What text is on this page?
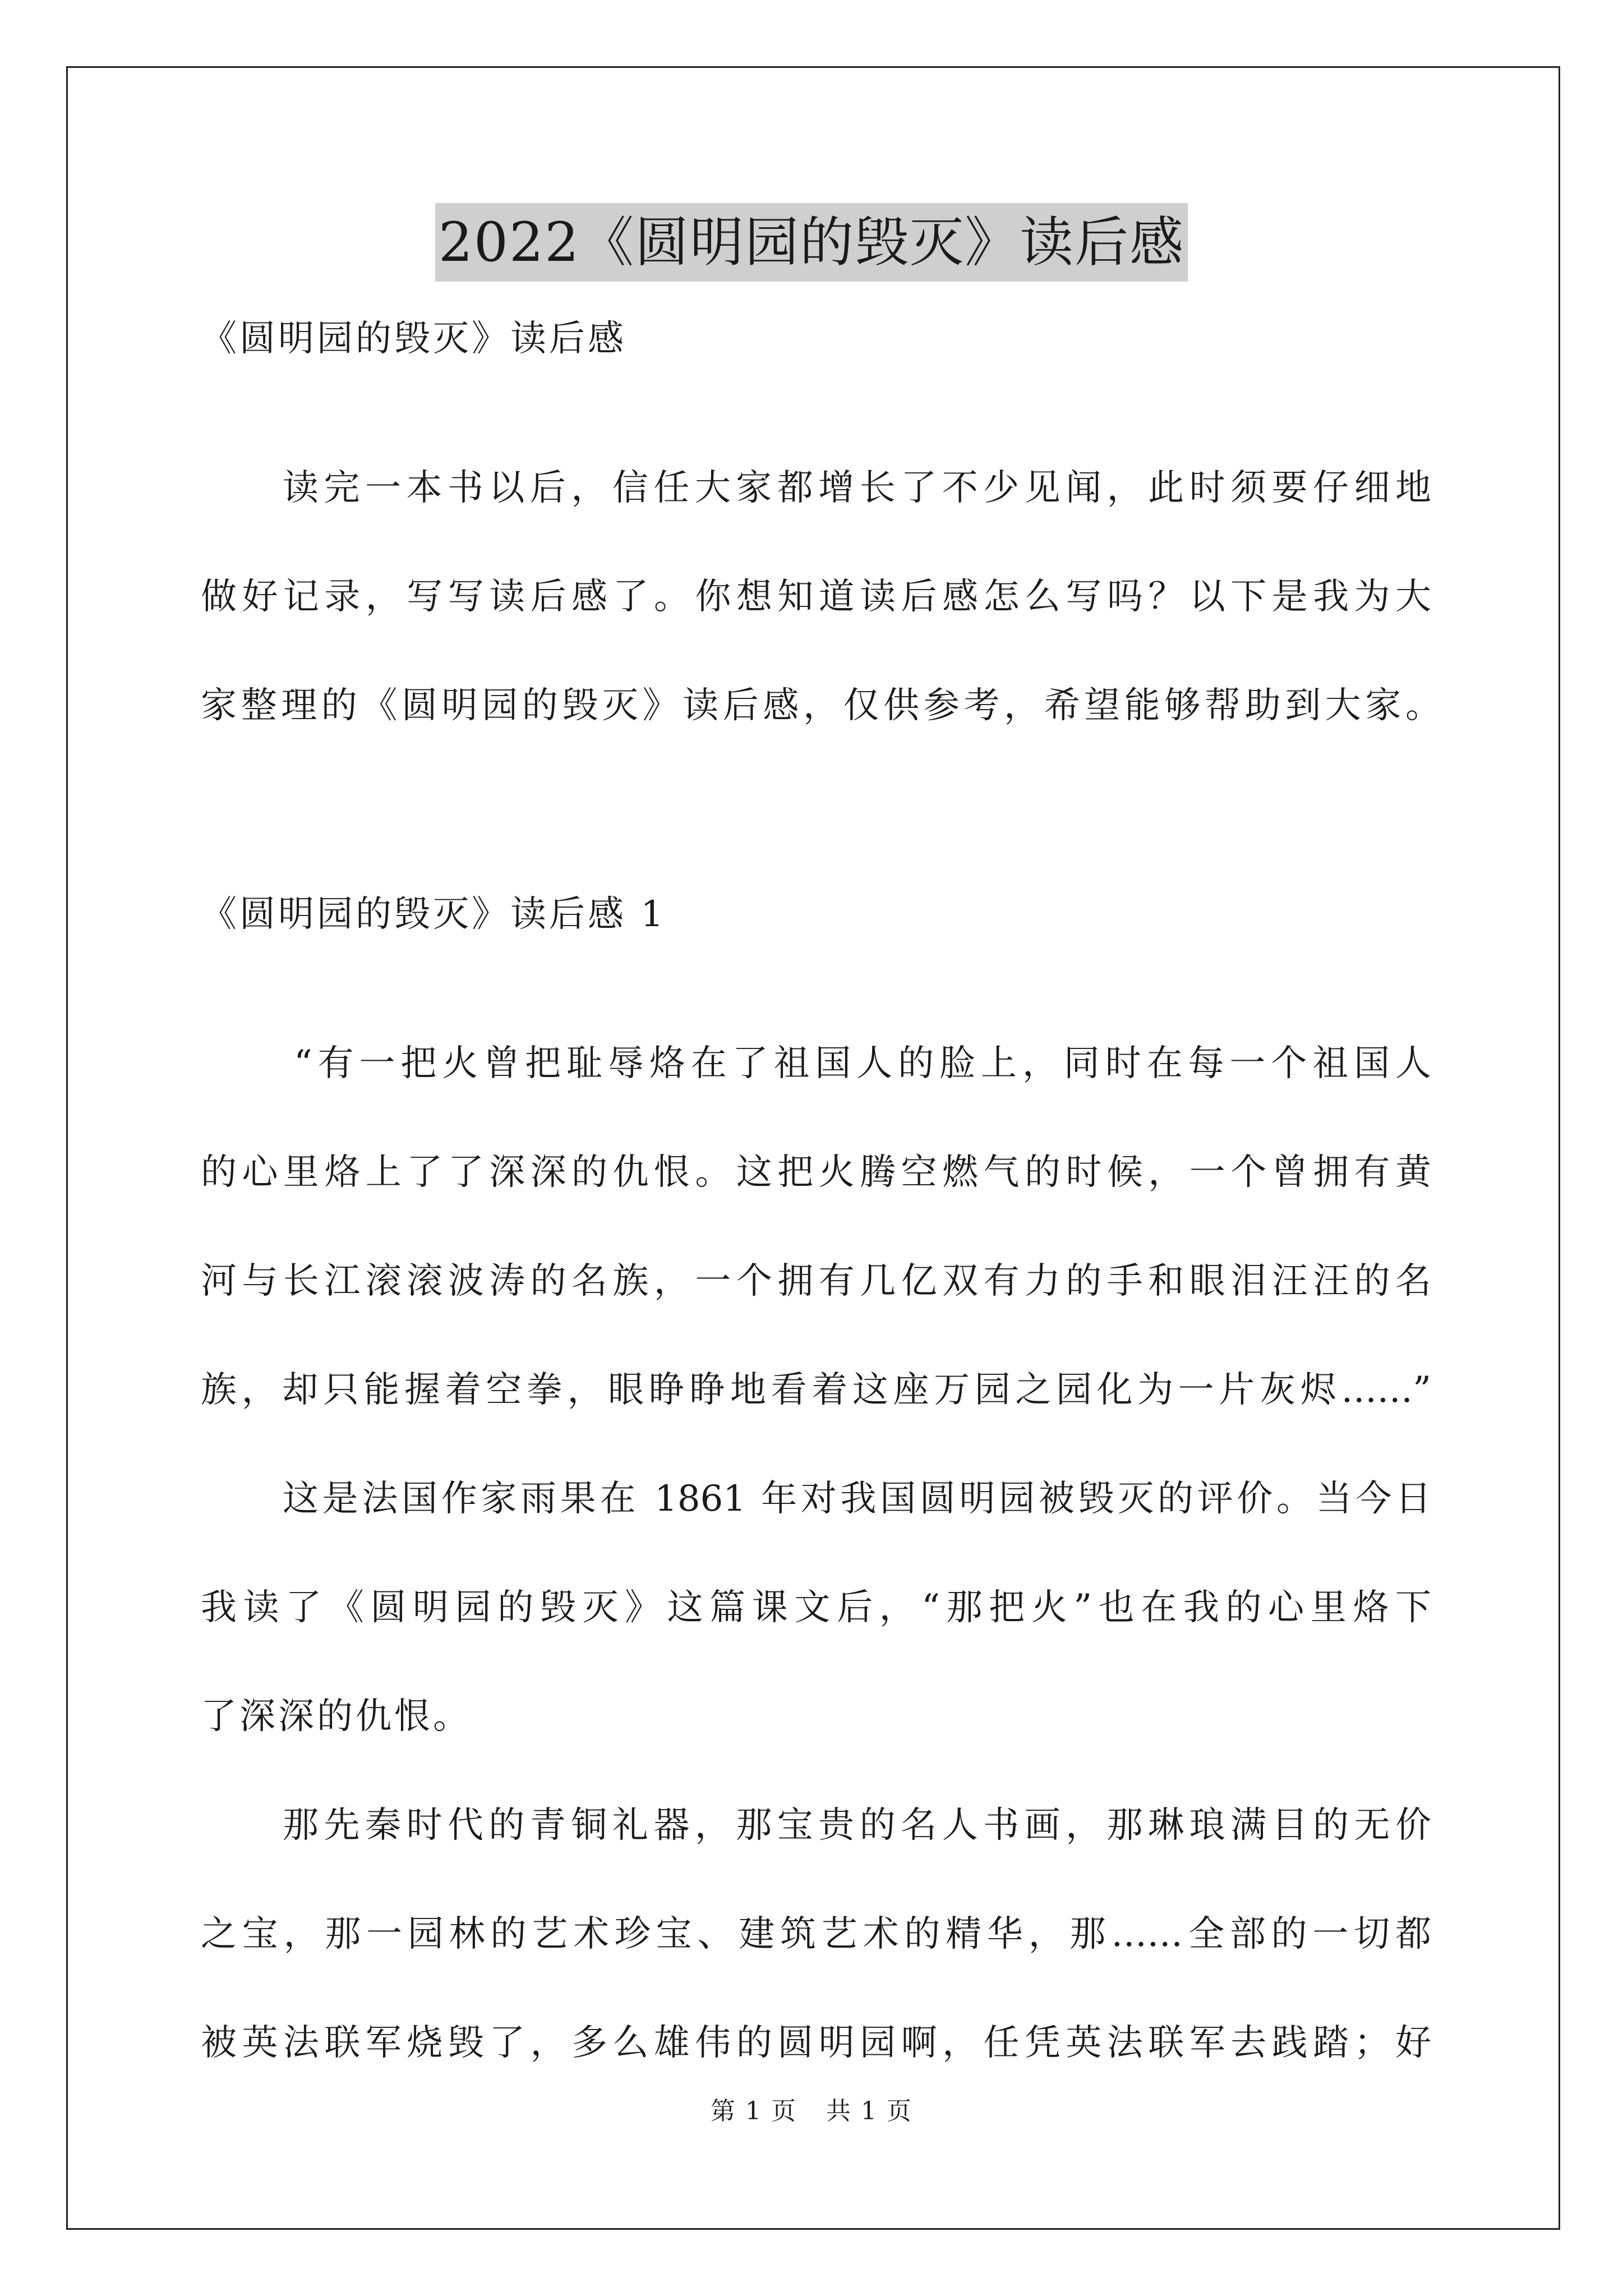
2022《圆明园的毁灭》读后感
《圆明园的毁灭》读后感
读完一本书以后，信任大家都增长了不少见闻，此时须要仔细地
做好记录，写写读后感了。你想知道读后感怎么写吗？以下是我为大
家整理的《圆明园的毁灭》读后感，仅供参考，希望能够帮助到大家。
《圆明园的毁灭》读后感 1
“有一把火曾把耻辱烙在了祖国人的脸上，同时在每一个祖国人
的心里烙上了了深深的仇恨。这把火腾空燃气的时候，一个曾拥有黄
河与长江滚滚波涛的名族，一个拥有几亿双有力的手和眼泪汪汪的名
族，却只能握着空拳，眼睁睁地看着这座万园之园化为一片灰烬……”
这是法国作家雨果在 1861 年对我国圆明园被毁灭的评价。当今日
我读了《圆明园的毁灭》这篇课文后，“那把火”也在我的心里烙下
了深深的仇恨。
那先秦时代的青铜礼器，那宝贵的名人书画，那琳琅满目的无价
之宝，那一园林的艺术珍宝、建筑艺术的精华，那……全部的一切都
被英法联军烧毁了，多么雄伟的圆明园啊，任凭英法联军去践踏；好
第 1 页 共 1 页
